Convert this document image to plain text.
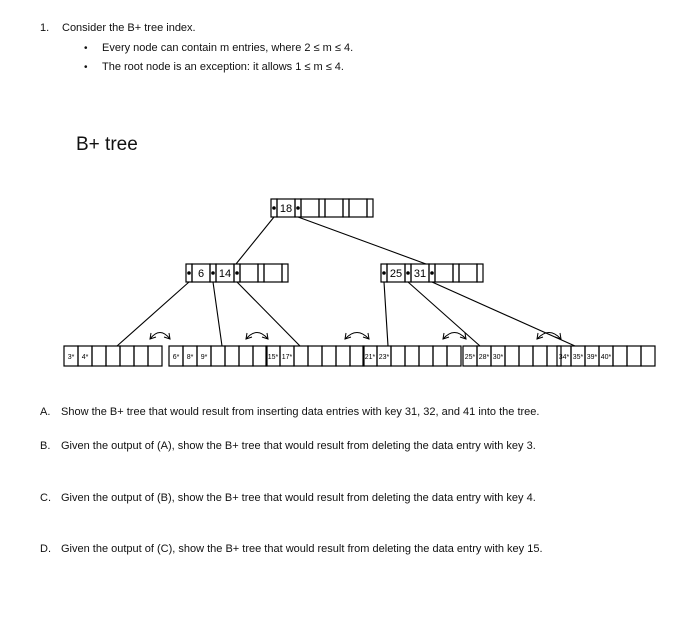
1. Consider the B+ tree index.
• Every node can contain m entries, where 2 ≤ m ≤ 4.
• The root node is an exception: it allows 1 ≤ m ≤ 4.
B+ tree
18
6 14	25 31
3* 4*	6* 8* 9*	15* 17*	21* 23*	25* 28* 30*	34* 35* 39* 40*
A. Show the B+ tree that would result from inserting data entries with key 31, 32, and 41 into the tree.
B. Given the output of (A), show the B+ tree that would result from deleting the data entry with key 3.
C. Given the output of (B), show the B+ tree that would result from deleting the data entry with key 4.
D. Given the output of (C), show the B+ tree that would result from deleting the data entry with key 15.
